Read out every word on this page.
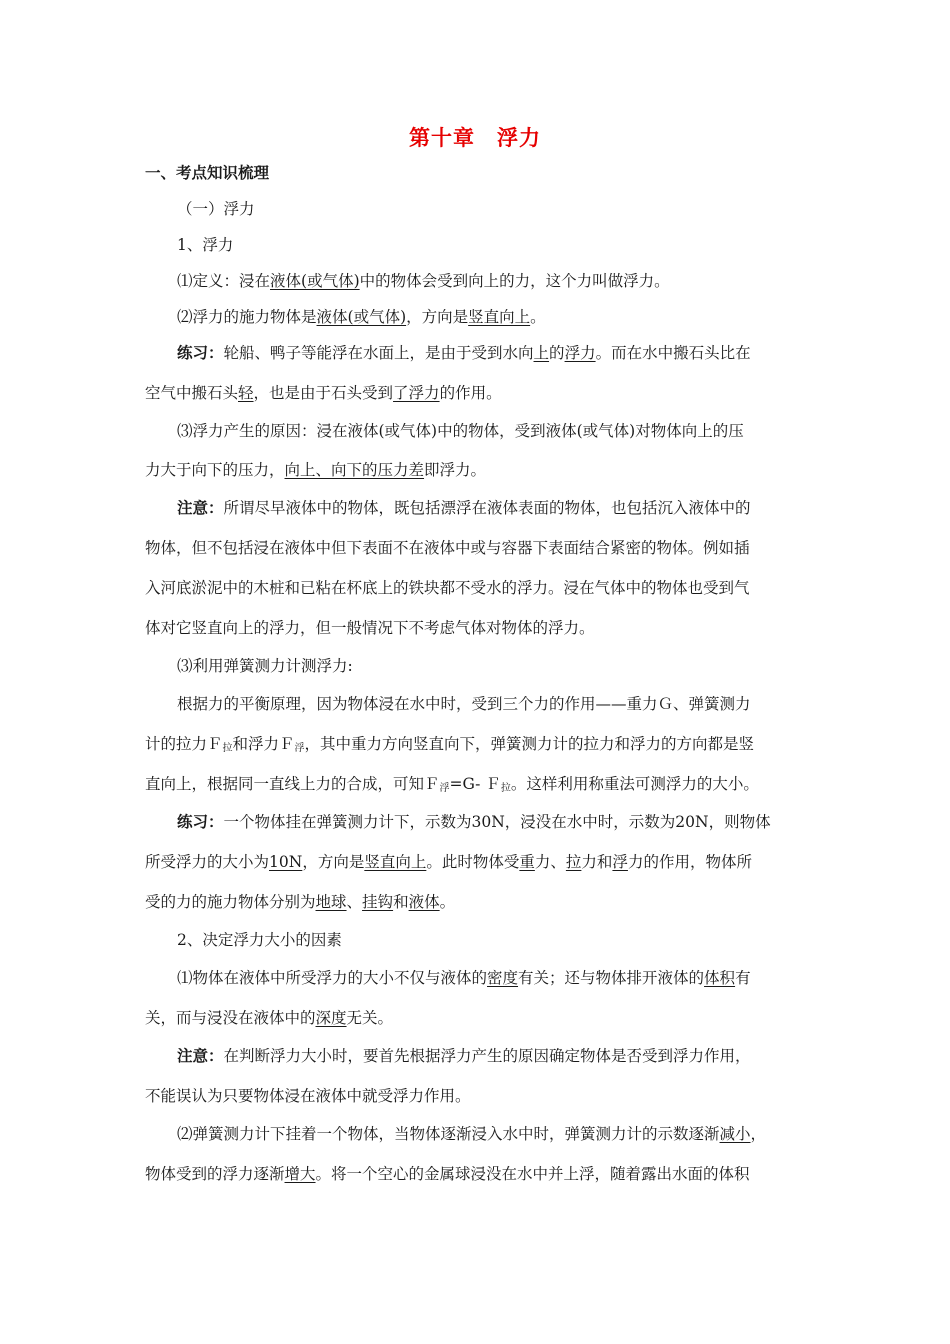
第十章 浮力
一、考点知识梳理
（一）浮力
1、浮力
⑴定义：浸在液体(或气体)中的物体会受到向上的力，这个力叫做浮力。
⑵浮力的施力物体是液体(或气体)，方向是竖直向上。
练习：轮船、鸭子等能浮在水面上，是由于受到水向上的浮力。而在水中搬石头比在
空气中搬石头轻，也是由于石头受到了浮力的作用。
⑶浮力产生的原因：浸在液体(或气体)中的物体，受到液体(或气体)对物体向上的压
力大于向下的压力，向上、向下的压力差即浮力。
注意：所谓尽早液体中的物体，既包括漂浮在液体表面的物体，也包括沉入液体中的
物体，但不包括浸在液体中但下表面不在液体中或与容器下表面结合紧密的物体。例如插
入河底淤泥中的木桩和已粘在杯底上的铁块都不受水的浮力。浸在气体中的物体也受到气
体对它竖直向上的浮力，但一般情况下不考虑气体对物体的浮力。
⑶利用弹簧测力计测浮力:
根据力的平衡原理，因为物体浸在水中时，受到三个力的作用——重力Ｇ、弹簧测力
计的拉力Ｆ$_拉$和浮力Ｆ$_浮$，其中重力方向竖直向下，弹簧测力计的拉力和浮力的方向都是竖
直向上，根据同一直线上力的合成，可知Ｆ$_浮$=G- Ｆ$_拉$。这样利用称重法可测浮力的大小。
练习：一个物体挂在弹簧测力计下，示数为30N，浸没在水中时，示数为20N，则物体
所受浮力的大小为10N，方向是竖直向上。此时物体受重力、拉力和浮力的作用，物体所
受的力的施力物体分别为地球、挂钩和液体。
2、决定浮力大小的因素
⑴物体在液体中所受浮力的大小不仅与液体的密度有关；还与物体排开液体的体积有
关，而与浸没在液体中的深度无关。
注意：在判断浮力大小时，要首先根据浮力产生的原因确定物体是否受到浮力作用，
不能误认为只要物体浸在液体中就受浮力作用。
⑵弹簧测力计下挂着一个物体，当物体逐渐浸入水中时，弹簧测力计的示数逐渐减小，
物体受到的浮力逐渐增大。将一个空心的金属球浸没在水中并上浮，随着露出水面的体积
